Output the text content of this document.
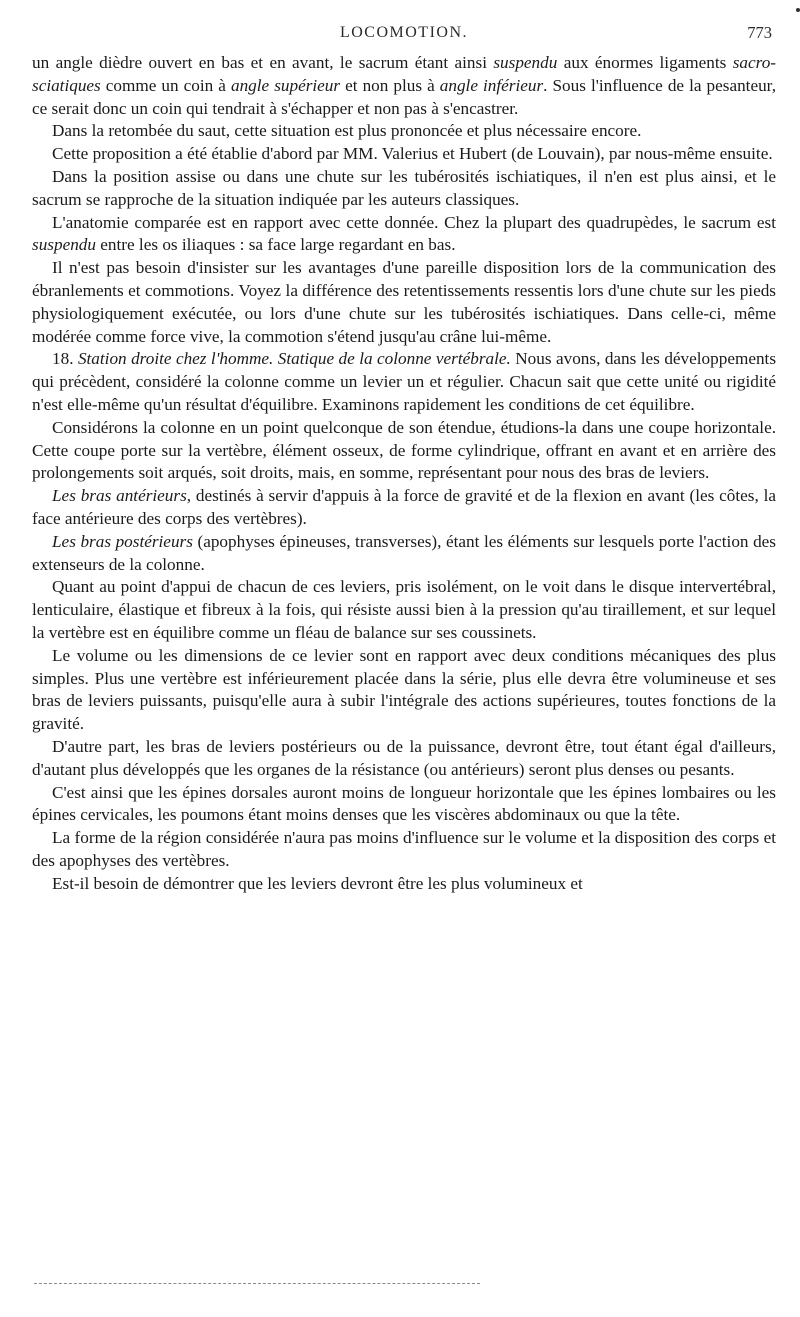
LOCOMOTION.	773

un angle dièdre ouvert en bas et en avant, le sacrum étant ainsi suspendu aux énormes ligaments sacro-sciatiques comme un coin à angle supérieur et non plus à angle inférieur. Sous l'influence de la pesanteur, ce serait donc un coin qui tendrait à s'échapper et non pas à s'encastrer.

Dans la retombée du saut, cette situation est plus prononcée et plus nécessaire encore.

Cette proposition a été établie d'abord par MM. Valerius et Hubert (de Louvain), par nous-même ensuite.

Dans la position assise ou dans une chute sur les tubérosités ischiatiques, il n'en est plus ainsi, et le sacrum se rapproche de la situation indiquée par les auteurs classiques.

L'anatomie comparée est en rapport avec cette donnée. Chez la plupart des quadrupèdes, le sacrum est suspendu entre les os iliaques : sa face large regardant en bas.

Il n'est pas besoin d'insister sur les avantages d'une pareille disposition lors de la communication des ébranlements et commotions. Voyez la différence des retentissements ressentis lors d'une chute sur les pieds physiologiquement exécutée, ou lors d'une chute sur les tubérosités ischiatiques. Dans celle-ci, même modérée comme force vive, la commotion s'étend jusqu'au crâne lui-même.

18. Station droite chez l'homme. Statique de la colonne vertébrale. Nous avons, dans les développements qui précèdent, considéré la colonne comme un levier un et régulier. Chacun sait que cette unité ou rigidité n'est elle-même qu'un résultat d'équilibre. Examinons rapidement les conditions de cet équilibre.

Considérons la colonne en un point quelconque de son étendue, étudions-la dans une coupe horizontale. Cette coupe porte sur la vertèbre, élément osseux, de forme cylindrique, offrant en avant et en arrière des prolongements soit arqués, soit droits, mais, en somme, représentant pour nous des bras de leviers.

Les bras antérieurs, destinés à servir d'appuis à la force de gravité et de la flexion en avant (les côtes, la face antérieure des corps des vertèbres).

Les bras postérieurs (apophyses épineuses, transverses), étant les éléments sur lesquels porte l'action des extenseurs de la colonne.

Quant au point d'appui de chacun de ces leviers, pris isolément, on le voit dans le disque intervertébral, lenticulaire, élastique et fibreux à la fois, qui résiste aussi bien à la pression qu'au tiraillement, et sur lequel la vertèbre est en équilibre comme un fléau de balance sur ses coussinets.

Le volume ou les dimensions de ce levier sont en rapport avec deux conditions mécaniques des plus simples. Plus une vertèbre est inférieurement placée dans la série, plus elle devra être volumineuse et ses bras de leviers puissants, puisqu'elle aura à subir l'intégrale des actions supérieures, toutes fonctions de la gravité.

D'autre part, les bras de leviers postérieurs ou de la puissance, devront être, tout étant égal d'ailleurs, d'autant plus développés que les organes de la résistance (ou antérieurs) seront plus denses ou pesants.

C'est ainsi que les épines dorsales auront moins de longueur horizontale que les épines lombaires ou les épines cervicales, les poumons étant moins denses que les viscères abdominaux ou que la tête.

La forme de la région considérée n'aura pas moins d'influence sur le volume et la disposition des corps et des apophyses des vertèbres.

Est-il besoin de démontrer que les leviers devront être les plus volumineux et
